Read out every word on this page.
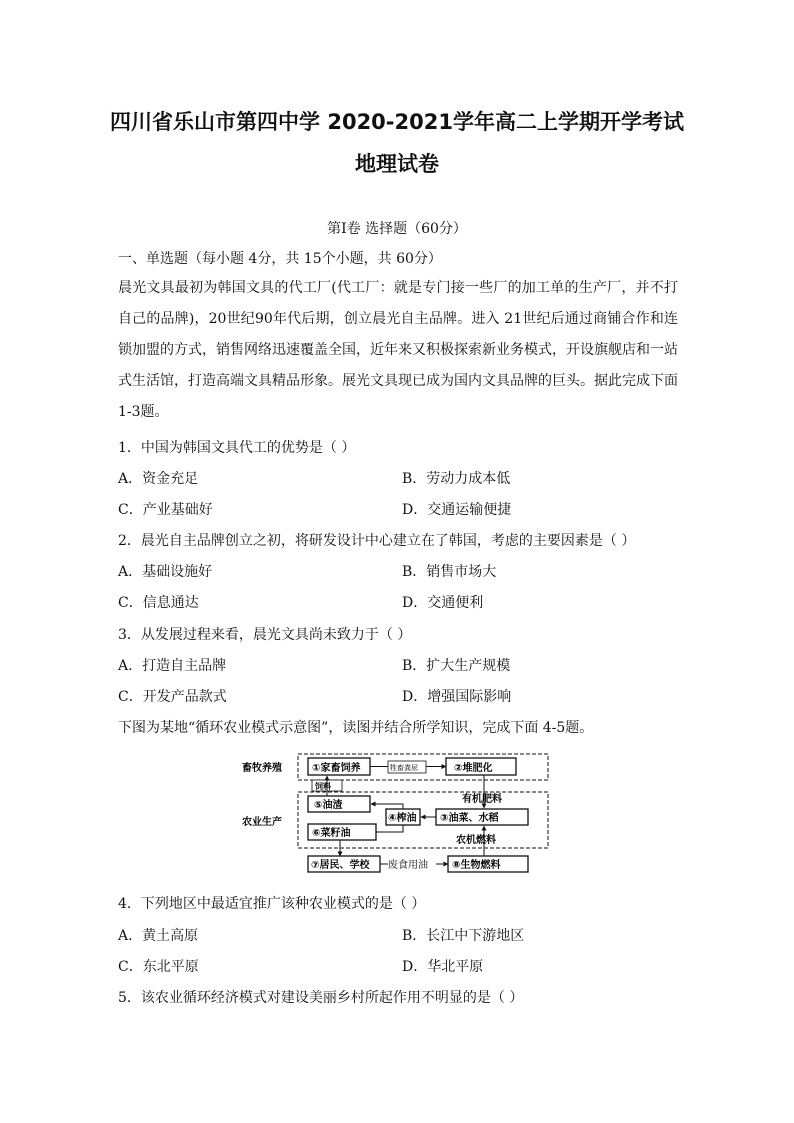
四川省乐山市第四中学 2020-2021学年高二上学期开学考试
地理试卷
第Ⅰ卷 选择题（60分）
一、单选题（每小题 4分，共 15个小题，共 60分）
晨光文具最初为韩国文具的代工厂(代工厂：就是专门接一些厂的加工单的生产厂，并不打自己的品牌)，20世纪90年代后期，创立晨光自主品牌。进入 21世纪后通过商铺合作和连锁加盟的方式，销售网络迅速覆盖全国，近年来又积极探索新业务模式，开设旗舰店和一站式生活馆，打造高端文具精品形象。展光文具现已成为国内文具品牌的巨头。据此完成下面 1-3题。
1．中国为韩国文具代工的优势是（ ）
A．资金充足	B．劳动力成本低
C．产业基础好	D．交通运输便捷
2．晨光自主品牌创立之初，将研发设计中心建立在了韩国，考虑的主要因素是（ ）
A．基础设施好	B．销售市场大
C．信息通达	D．交通便利
3．从发展过程来看，晨光文具尚未致力于（ ）
A．打造自主品牌	B．扩大生产规模
C．开发产品款式	D．增强国际影响
下图为某地“循环农业模式示意图”，读图并结合所学知识，完成下面 4-5题。
畜牧养殖
农业生产
①家畜饲养	牲畜粪尿	②堆肥化
饲料
有机肥料
⑤油渣
④榨油 ③油菜、水稻
⑥菜籽油
农机燃料
⑦居民、学校 废食用油 ⑧生物燃料
4．下列地区中最适宜推广该种农业模式的是（ ）
A．黄土高原	B．长江中下游地区
C．东北平原	D．华北平原
5．该农业循环经济模式对建设美丽乡村所起作用不明显的是（ ）
